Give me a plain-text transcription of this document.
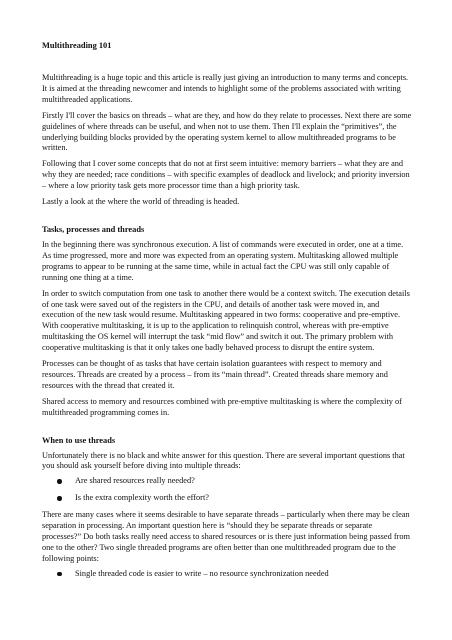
Multithreading 101

Multithreading is a huge topic and this article is really just giving an introduction to many terms and concepts. It is aimed at the threading newcomer and intends to highlight some of the problems associated with writing multithreaded applications.

Firstly I'll cover the basics on threads – what are they, and how do they relate to processes. Next there are some guidelines of where threads can be useful, and when not to use them. Then I'll explain the “primitives”, the underlying building blocks provided by the operating system kernel to allow multithreaded programs to be written.

Following that I cover some concepts that do not at first seem intuitive: memory barriers – what they are and why they are needed; race conditions – with specific examples of deadlock and livelock; and priority inversion – where a low priority task gets more processor time than a high priority task.

Lastly a look at the where the world of threading is headed.

Tasks, processes and threads

In the beginning there was synchronous execution. A list of commands were executed in order, one at a time. As time progressed, more and more was expected from an operating system. Multitasking allowed multiple programs to appear to be running at the same time, while in actual fact the CPU was still only capable of running one thing at a time.

In order to switch computation from one task to another there would be a context switch. The execution details of one task were saved out of the registers in the CPU, and details of another task were moved in, and execution of the new task would resume. Multitasking appeared in two forms: cooperative and pre-emptive. With cooperative multitasking, it is up to the application to relinquish control, whereas with pre-emptive multitasking the OS kernel will interrupt the task “mid flow” and switch it out. The primary problem with cooperative multitasking is that it only takes one badly behaved process to disrupt the entire system.

Processes can be thought of as tasks that have certain isolation guarantees with respect to memory and resources. Threads are created by a process – from its “main thread”. Created threads share memory and resources with the thread that created it.

Shared access to memory and resources combined with pre-emptive multitasking is where the complexity of multithreaded programming comes in.

When to use threads

Unfortunately there is no black and white answer for this question. There are several important questions that you should ask yourself before diving into multiple threads:

Are shared resources really needed?
Is the extra complexity worth the effort?

There are many cases where it seems desirable to have separate threads – particularly when there may be clean separation in processing. An important question here is “should they be separate threads or separate processes?” Do both tasks really need access to shared resources or is there just information being passed from one to the other? Two single threaded programs are often better than one multithreaded program due to the following points:

Single threaded code is easier to write – no resource synchronization needed
